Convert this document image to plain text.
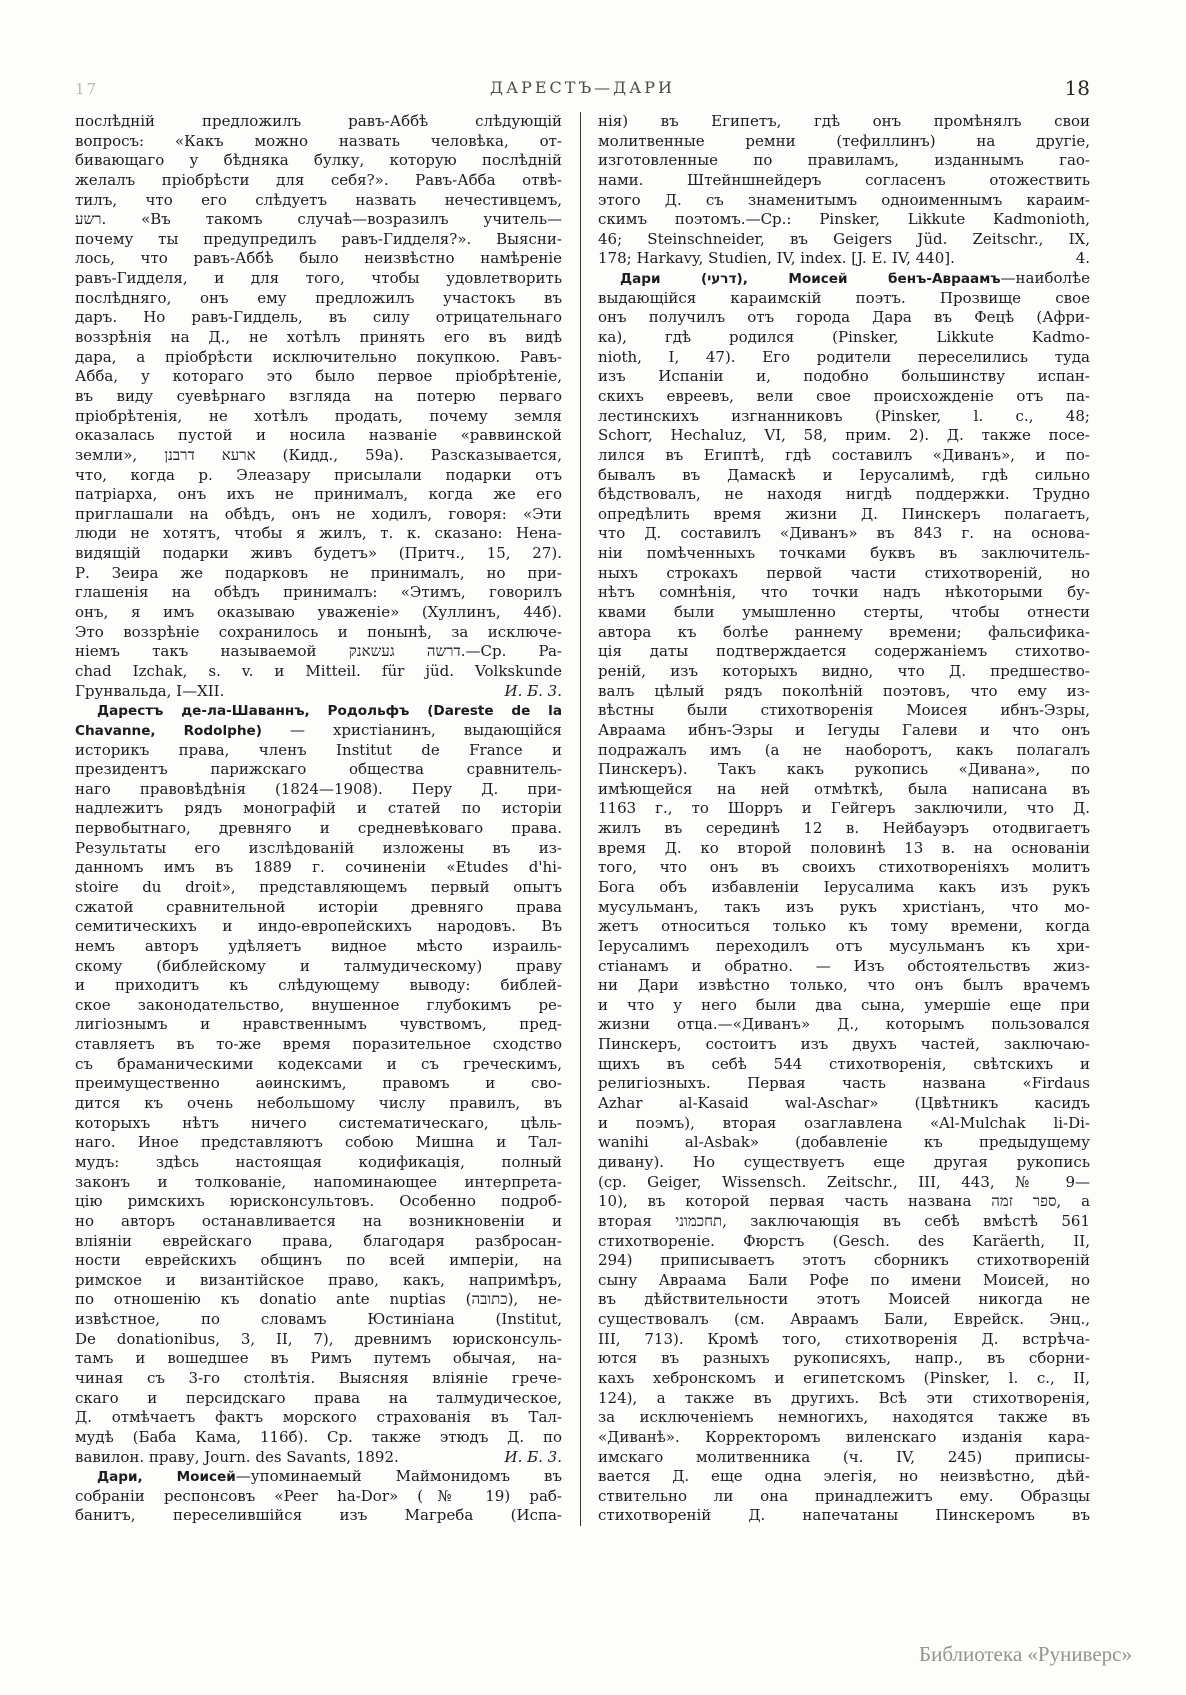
17	ДАРЕСТЪ—ДАРИ	18
послѣдній предложилъ равъ-Аббѣ слѣдующій
вопросъ: «Какъ можно назвать человѣка, от-
бивающаго у бѣдняка булку, которую послѣдній
желалъ пріобрѣсти для себя?». Равъ-Абба отвѣ-
тилъ, что его слѣдуетъ назвать нечестивцемъ,
רשע. «Въ такомъ случаѣ—возразилъ учитель—
почему ты предупредилъ равъ-Гидделя?». Выясни-
лось, что равъ-Аббѣ было неизвѣстно намѣреніе
равъ-Гидделя, и для того, чтобы удовлетворить
послѣдняго, онъ ему предложилъ участокъ въ
даръ. Но равъ-Гиддель, въ силу отрицательнаго
воззрѣнія на Д., не хотѣлъ принять его въ видѣ
дара, а пріобрѣсти исключительно покупкою. Равъ-
Абба, у котораго это было первое пріобрѣтеніе,
въ виду суевѣрнаго взгляда на потерю перваго
пріобрѣтенія, не хотѣлъ продать, почему земля
оказалась пустой и носила названіе «раввинской
земли», ארעא דרבנן (Кидд., 59а). Разсказывается,
что, когда р. Элеазару присылали подарки отъ
патріарха, онъ ихъ не принималъ, когда же его
приглашали на обѣдъ, онъ не ходилъ, говоря: «Эти
люди не хотятъ, чтобы я жилъ, т. к. сказано: Нена-
видящій подарки живъ будетъ» (Притч., 15, 27).
Р. Зеира же подарковъ не принималъ, но при-
глашенія на обѣдъ принималъ: «Этимъ, говорилъ
онъ, я имъ оказываю уваженіе» (Хуллинъ, 44б).
Это воззрѣніе сохранилось и понынѣ, за исключе-
ніемъ такъ называемой דרשה געשאנק.—Ср. Pa-
chad Izchak, s. v. и Mitteil. für jüd. Volkskunde
Грунвальда, I—XII.	И. Б. 3.
Дарестъ де-ла-Шаваннъ, Родольфъ (Dareste de la
Chavanne, Rodolphe) — христіанинъ, выдающійся
историкъ права, членъ Institut de France и
президентъ парижскаго общества сравнитель-
наго правовѣдѣнія (1824—1908). Перу Д. при-
надлежитъ рядъ монографій и статей по исторіи
первобытнаго, древняго и средневѣковаго права.
Результаты его изслѣдованій изложены въ из-
данномъ имъ въ 1889 г. сочиненіи «Etudes d'hi-
stoire du droit», представляющемъ первый опытъ
сжатой сравнительной исторіи древняго права
семитическихъ и индо-европейскихъ народовъ. Въ
немъ авторъ удѣляетъ видное мѣсто израиль-
скому (библейскому и талмудическому) праву
и приходитъ къ слѣдующему выводу: библей-
ское законодательство, внушенное глубокимъ ре-
лигіознымъ и нравственнымъ чувствомъ, пред-
ставляетъ въ то-же время поразительное сходство
съ браманическими кодексами и съ греческимъ,
преимущественно аѳинскимъ, правомъ и сво-
дится къ очень небольшому числу правилъ, въ
которыхъ нѣтъ ничего систематическаго, цѣль-
наго. Иное представляютъ собою Мишна и Тал-
мудъ: здѣсь настоящая кодификація, полный
законъ и толкованіе, напоминающее интерпрета-
цію римскихъ юрисконсультовъ. Особенно подроб-
но авторъ останавливается на возникновеніи и
вліяніи еврейскаго права, благодаря разбросан-
ности еврейскихъ общинъ по всей имперіи, на
римское и византійское право, какъ, напримѣръ,
по отношенію къ donatio ante nuptias (כתובה), не-
извѣстное, по словамъ Юстиніана (Institut,
De donationibus, 3, II, 7), древнимъ юрисконсуль-
тамъ и вошедшее въ Римъ путемъ обычая, на-
чиная съ 3-го столѣтія. Выясняя вліяніе грече-
скаго и персидскаго права на талмудическое,
Д. отмѣчаетъ фактъ морского страхованія въ Тал-
мудѣ (Баба Кама, 116б). Ср. также этюдъ Д. по
вавилон. праву, Journ. des Savants, 1892.	И. Б. 3.
Дари, Моисей—упоминаемый Маймонидомъ въ
собраніи респонсовъ «Peer ha-Dor» (№ 19) раб-
банитъ, переселившійся изъ Магреба (Испа-
нія) въ Египетъ, гдѣ онъ промѣнялъ свои
молитвенные ремни (тефиллинъ) на другіе,
изготовленные по правиламъ, изданнымъ гао-
нами. Штейншнейдеръ согласенъ отожествить
этого Д. съ знаменитымъ одноименнымъ караим-
скимъ поэтомъ.—Ср.: Pinsker, Likkute Kadmonioth,
46; Steinschneider, въ Geigers Jüd. Zeitschr., IX,
178; Harkavy, Studien, IV, index. [J. E. IV, 440].	4.
Дари (דרעי), Моисей бенъ-Авраамъ—наиболѣе
выдающійся караимскій поэтъ. Прозвище свое
онъ получилъ отъ города Дара въ Фецѣ (Афри-
ка), гдѣ родился (Pinsker, Likkute Kadmo-
nioth, I, 47). Его родители переселились туда
изъ Испаніи и, подобно большинству испан-
скихъ евреевъ, вели свое происхожденіе отъ па-
лестинскихъ изгнанниковъ (Pinsker, l. c., 48;
Schorr, Hechaluz, VI, 58, прим. 2). Д. также посе-
лился въ Египтѣ, гдѣ составилъ «Диванъ», и по-
бывалъ въ Дамаскѣ и Іерусалимѣ, гдѣ сильно
бѣдствовалъ, не находя нигдѣ поддержки. Трудно
опредѣлить время жизни Д. Пинскеръ полагаетъ,
что Д. составилъ «Диванъ» въ 843 г. на основа-
ніи помѣченныхъ точками буквъ въ заключитель-
ныхъ строкахъ первой части стихотвореній, но
нѣтъ сомнѣнія, что точки надъ нѣкоторыми бу-
квами были умышленно стерты, чтобы отнести
автора къ болѣе раннему времени; фальсифика-
ція даты подтверждается содержаніемъ стихотво-
реній, изъ которыхъ видно, что Д. предшество-
валъ цѣлый рядъ поколѣній поэтовъ, что ему из-
вѣстны были стихотворенія Моисея ибнъ-Эзры,
Авраама ибнъ-Эзры и Іегуды Галеви и что онъ
подражалъ имъ (а не наоборотъ, какъ полагалъ
Пинскеръ). Такъ какъ рукопись «Дивана», по
имѣющейся на ней отмѣткѣ, была написана въ
1163 г., то Шорръ и Гейгеръ заключили, что Д.
жилъ въ серединѣ 12 в. Нейбауэръ отодвигаетъ
время Д. ко второй половинѣ 13 в. на основаніи
того, что онъ въ своихъ стихотвореніяхъ молитъ
Бога объ избавленіи Іерусалима какъ изъ рукъ
мусульманъ, такъ изъ рукъ христіанъ, что мо-
жетъ относиться только къ тому времени, когда
Іерусалимъ переходилъ отъ мусульманъ къ хри-
стіанамъ и обратно. — Изъ обстоятельствъ жиз-
ни Дари извѣстно только, что онъ былъ врачемъ
и что у него были два сына, умершіе еще при
жизни отца.—«Диванъ» Д., которымъ пользовался
Пинскеръ, состоитъ изъ двухъ частей, заключаю-
щихъ въ себѣ 544 стихотворенія, свѣтскихъ и
религіозныхъ. Первая часть названа «Firdaus
Azhar al-Kasaid wal-Aschar» (Цвѣтникъ касидъ
и поэмъ), вторая озаглавлена «Al-Mulchak li-Di-
wanihi al-Asbak» (добавленіе къ предыдущему
дивану). Но существуетъ еще другая рукопись
(ср. Geiger, Wissensch. Zeitschr., III, 443, № 9—
10), въ которой первая часть названа ספר זמה, а
вторая תחכמוני, заключающія въ себѣ вмѣстѣ 561
стихотвореніе. Фюрстъ (Gesch. des Karäerth, II,
294) приписываетъ этотъ сборникъ стихотвореній
сыну Авраама Бали Рофе по имени Моисей, но
въ дѣйствительности этотъ Моисей никогда не
существовалъ (см. Авраамъ Бали, Еврейск. Энц.,
III, 713). Кромѣ того, стихотворенія Д. встрѣча-
ются въ разныхъ рукописяхъ, напр., въ сборни-
кахъ хебронскомъ и египетскомъ (Pinsker, l. c., II,
124), а также въ другихъ. Всѣ эти стихотворенія,
за исключеніемъ немногихъ, находятся также въ
«Диванѣ». Корректоромъ виленскаго изданія кара-
имскаго молитвенника (ч. IV, 245) приписы-
вается Д. еще одна элегія, но неизвѣстно, дѣй-
ствительно ли она принадлежитъ ему. Образцы
стихотвореній Д. напечатаны Пинскеромъ въ
Библиотека «Руниверс»
